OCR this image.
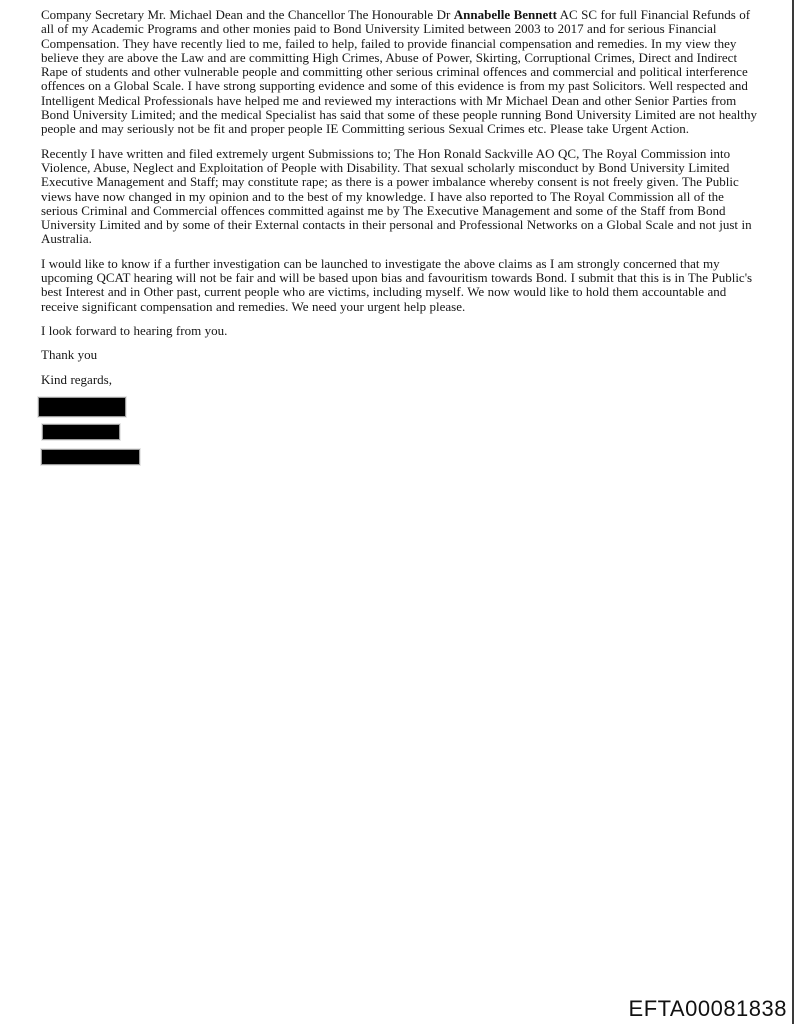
Company Secretary Mr. Michael Dean and the Chancellor The Honourable Dr Annabelle Bennett AC SC for full Financial Refunds of all of my Academic Programs and other monies paid to Bond University Limited between 2003 to 2017 and for serious Financial Compensation. They have recently lied to me, failed to help, failed to provide financial compensation and remedies. In my view they believe they are above the Law and are committing High Crimes, Abuse of Power, Skirting, Corruptional Crimes, Direct and Indirect Rape of students and other vulnerable people and committing other serious criminal offences and commercial and political interference offences on a Global Scale. I have strong supporting evidence and some of this evidence is from my past Solicitors. Well respected and Intelligent Medical Professionals have helped me and reviewed my interactions with Mr Michael Dean and other Senior Parties from Bond University Limited; and the medical Specialist has said that some of these people running Bond University Limited are not healthy people and may seriously not be fit and proper people IE Committing serious Sexual Crimes etc. Please take Urgent Action.

Recently I have written and filed extremely urgent Submissions to; The Hon Ronald Sackville AO QC, The Royal Commission into Violence, Abuse, Neglect and Exploitation of People with Disability. That sexual scholarly misconduct by Bond University Limited Executive Management and Staff; may constitute rape; as there is a power imbalance whereby consent is not freely given. The Public views have now changed in my opinion and to the best of my knowledge. I have also reported to The Royal Commission all of the serious Criminal and Commercial offences committed against me by The Executive Management and some of the Staff from Bond University Limited and by some of their External contacts in their personal and Professional Networks on a Global Scale and not just in Australia.

I would like to know if a further investigation can be launched to investigate the above claims as I am strongly concerned that my upcoming QCAT hearing will not be fair and will be based upon bias and favouritism towards Bond. I submit that this is in The Public's best Interest and in Other past, current people who are victims, including myself. We now would like to hold them accountable and receive significant compensation and remedies. We need your urgent help please.

I look forward to hearing from you.

Thank you

Kind regards,

EFTA00081838
